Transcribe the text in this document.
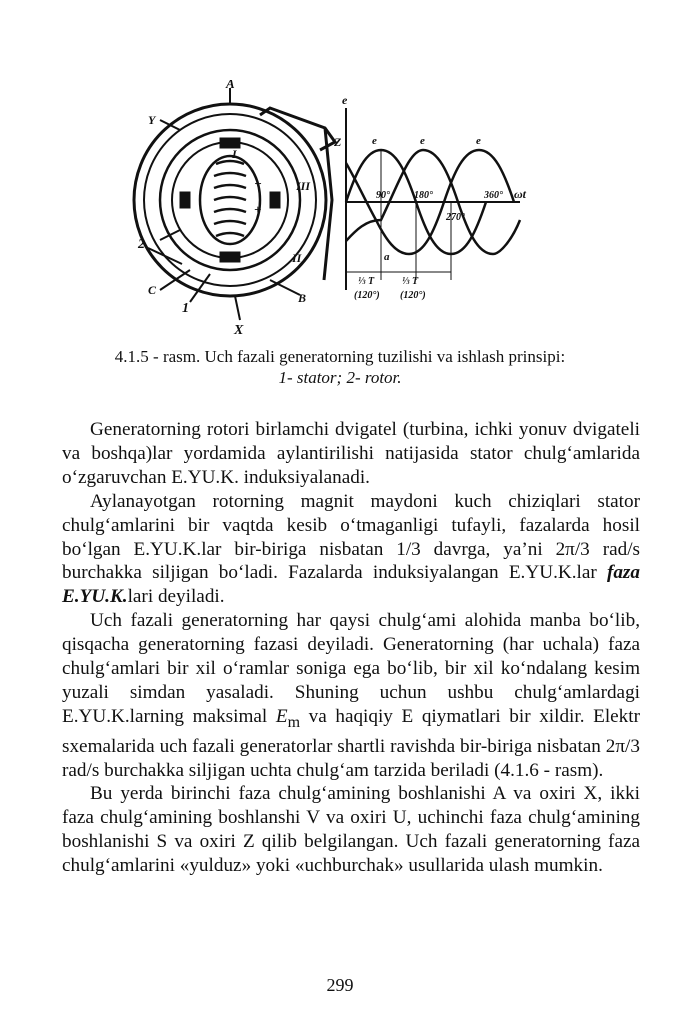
A
X
Y
C
B
Z
I
II
III
2
1
+
−
e
e	e	e
90° 180°
270°
360° ωt
a
⅓ T	⅓ T
(120°) (120°)
4.1.5 - rasm. Uch fazali generatorning tuzilishi va ishlash prinsipi:
1- stator; 2- rotor.

Generatorning rotori birlamchi dvigatel (turbina, ichki yonuv dvigateli va boshqa)lar yordamida aylantirilishi natijasida stator chulg‘amlarida o‘zgaruvchan E.YU.K. induksiyalanadi.

Aylanayotgan rotorning magnit maydoni kuch chiziqlari stator chulg‘amlarini bir vaqtda kesib o‘tmaganligi tufayli, fazalarda hosil bo‘lgan E.YU.K.lar bir-biriga nisbatan 1/3 davrga, ya’ni 2π/3 rad/s burchakka siljigan bo‘ladi. Fazalarda induksiyalangan E.YU.K.lar faza E.YU.K.lari deyiladi.

Uch fazali generatorning har qaysi chulg‘ami alohida manba bo‘lib, qisqacha generatorning fazasi deyiladi. Generatorning (har uchala) faza chulg‘amlari bir xil o‘ramlar soniga ega bo‘lib, bir xil ko‘ndalang kesim yuzali simdan yasaladi. Shuning uchun ushbu chulg‘amlardagi E.YU.K.larning maksimal $E_m$ va haqiqiy E qiymatlari bir xildir. Elektr sxemalarida uch fazali generatorlar shartli ravishda bir-biriga nisbatan 2π/3 rad/s burchakka siljigan uchta chulg‘am tarzida beriladi (4.1.6 - rasm).

Bu yerda birinchi faza chulg‘amining boshlanishi A va oxiri X, ikki faza chulg‘amining boshlanshi V va oxiri U, uchinchi faza chulg‘amining boshlanishi S va oxiri Z qilib belgilangan. Uch fazali generatorning faza chulg‘amlarini «yulduz» yoki «uchburchak» usullarida ulash mumkin.

299
